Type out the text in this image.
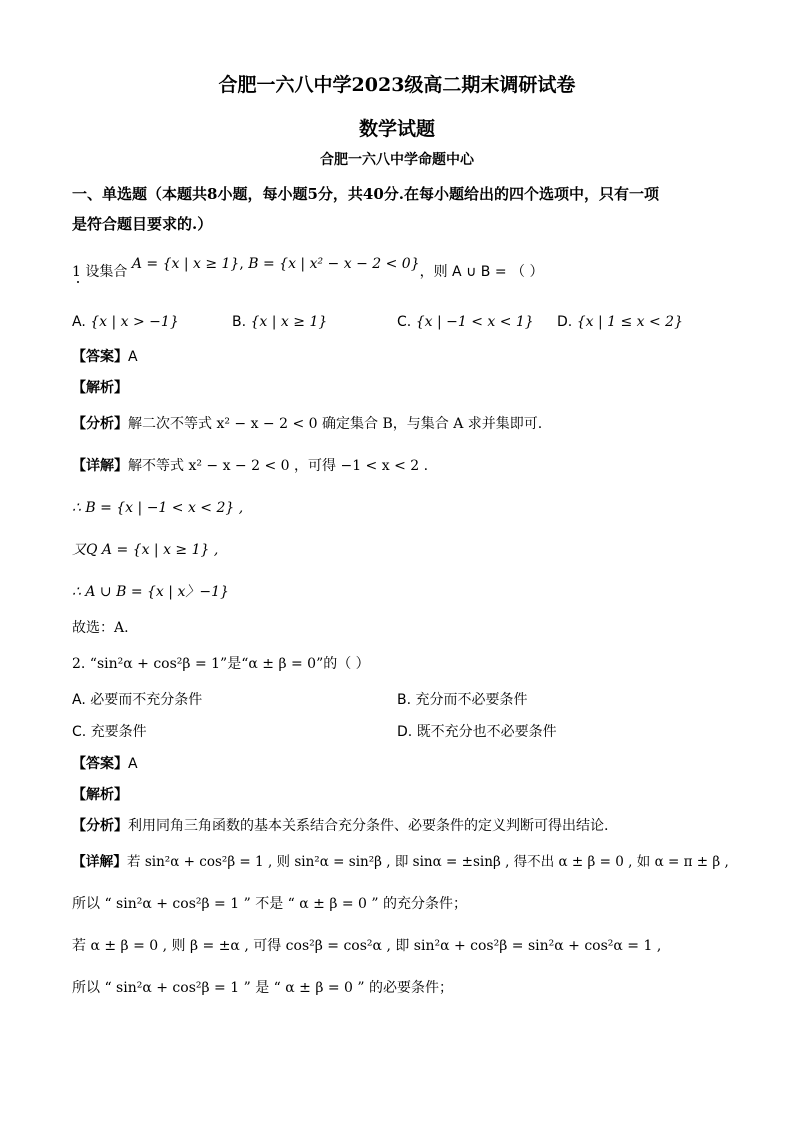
合肥一六八中学2023级高二期末调研试卷
数学试题
合肥一六八中学命题中心
一、单选题（本题共8小题，每小题5分，共40分.在每小题给出的四个选项中，只有一项
是符合题目要求的.）
1 设集合 A = {x | x ≥ 1}, B = {x | x² − x − 2 < 0}，则 A ∪ B = （ ）
A. {x | x > −1}	B. {x | x ≥ 1}	C. {x | −1 < x < 1} D. {x | 1 ≤ x < 2}
【答案】A
【解析】
【分析】解二次不等式 x² − x − 2 < 0 确定集合 B，与集合 A 求并集即可.
【详解】解不等式 x² − x − 2 < 0 ，可得 −1 < x < 2 .
∴ B = {x | −1 < x < 2} ,
又Q A = {x | x ≥ 1} ,
∴ A ∪ B = {x | x〉−1}
故选：A.
2. “sin²α + cos²β = 1”是“α ± β = 0”的（ ）
A. 必要而不充分条件	B. 充分而不必要条件
C. 充要条件	D. 既不充分也不必要条件
【答案】A
【解析】
【分析】利用同角三角函数的基本关系结合充分条件、必要条件的定义判断可得出结论.
【详解】若 sin²α + cos²β = 1 , 则 sin²α = sin²β , 即 sinα = ±sinβ , 得不出 α ± β = 0 , 如 α = π ± β ,
所以 “ sin²α + cos²β = 1 ” 不是 “ α ± β = 0 ” 的充分条件；
若 α ± β = 0 , 则 β = ±α , 可得 cos²β = cos²α , 即 sin²α + cos²β = sin²α + cos²α = 1 ,
所以 “ sin²α + cos²β = 1 ” 是 “ α ± β = 0 ” 的必要条件；
